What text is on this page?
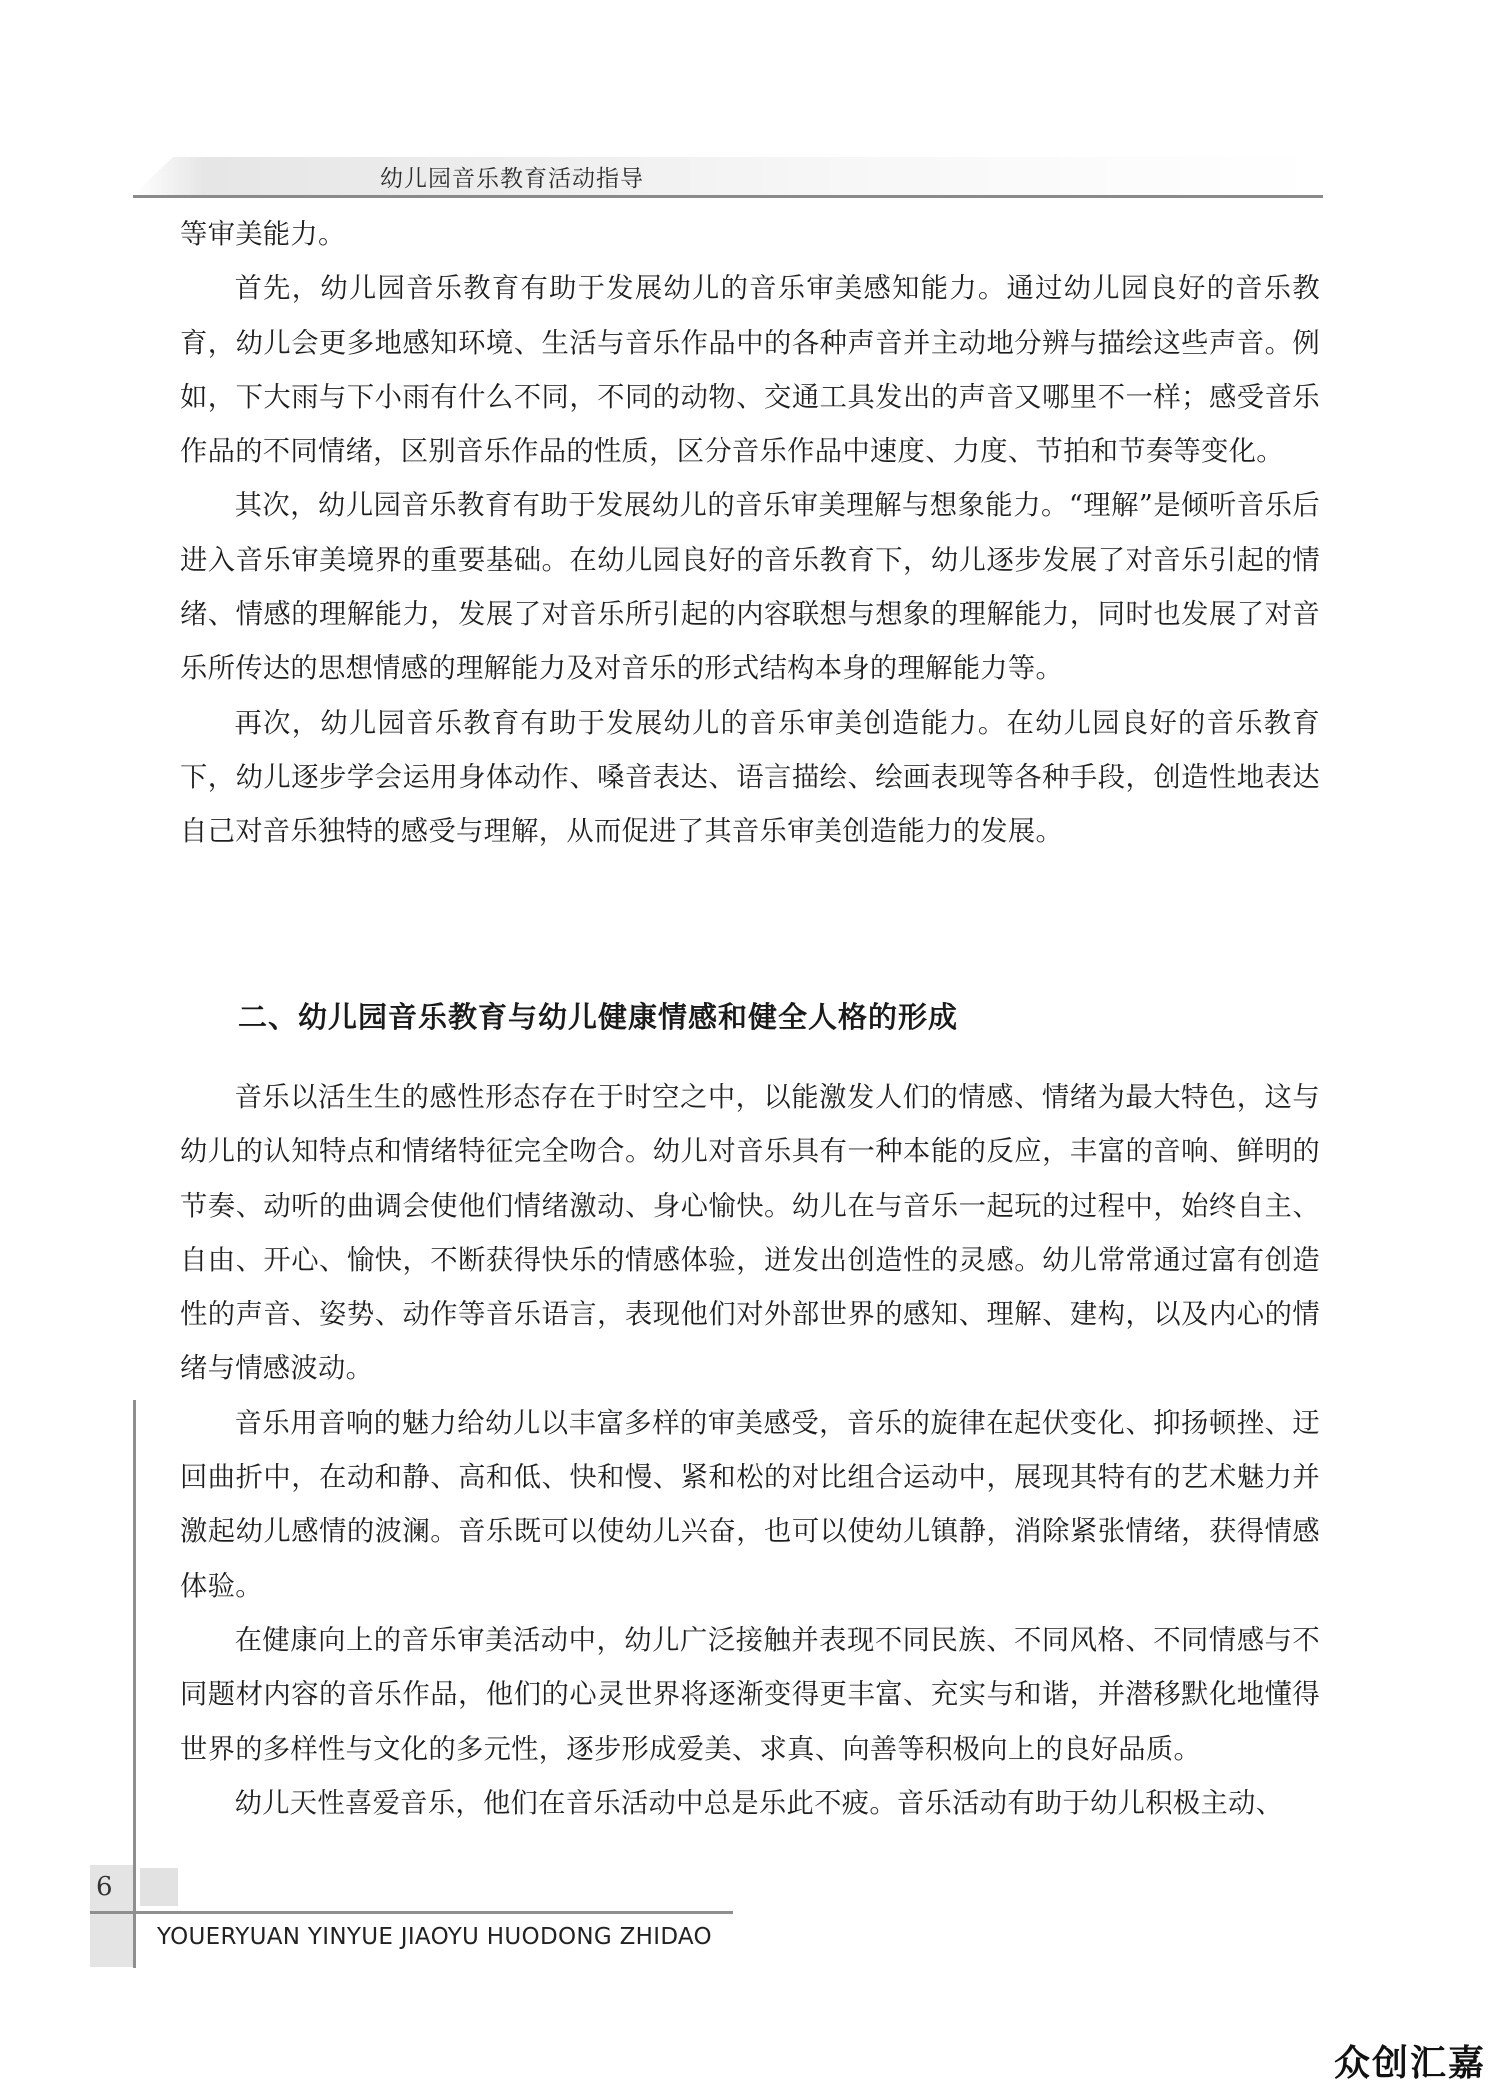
幼儿园音乐教育活动指导

等审美能力。

首先，幼儿园音乐教育有助于发展幼儿的音乐审美感知能力。通过幼儿园良好的音乐教育，幼儿会更多地感知环境、生活与音乐作品中的各种声音并主动地分辨与描绘这些声音。例如，下大雨与下小雨有什么不同，不同的动物、交通工具发出的声音又哪里不一样；感受音乐作品的不同情绪，区别音乐作品的性质，区分音乐作品中速度、力度、节拍和节奏等变化。

其次，幼儿园音乐教育有助于发展幼儿的音乐审美理解与想象能力。“理解”是倾听音乐后进入音乐审美境界的重要基础。在幼儿园良好的音乐教育下，幼儿逐步发展了对音乐引起的情绪、情感的理解能力，发展了对音乐所引起的内容联想与想象的理解能力，同时也发展了对音乐所传达的思想情感的理解能力及对音乐的形式结构本身的理解能力等。

再次，幼儿园音乐教育有助于发展幼儿的音乐审美创造能力。在幼儿园良好的音乐教育下，幼儿逐步学会运用身体动作、嗓音表达、语言描绘、绘画表现等各种手段，创造性地表达自己对音乐独特的感受与理解，从而促进了其音乐审美创造能力的发展。

二、幼儿园音乐教育与幼儿健康情感和健全人格的形成

音乐以活生生的感性形态存在于时空之中，以能激发人们的情感、情绪为最大特色，这与幼儿的认知特点和情绪特征完全吻合。幼儿对音乐具有一种本能的反应，丰富的音响、鲜明的节奏、动听的曲调会使他们情绪激动、身心愉快。幼儿在与音乐一起玩的过程中，始终自主、自由、开心、愉快，不断获得快乐的情感体验，迸发出创造性的灵感。幼儿常常通过富有创造性的声音、姿势、动作等音乐语言，表现他们对外部世界的感知、理解、建构，以及内心的情绪与情感波动。

音乐用音响的魅力给幼儿以丰富多样的审美感受，音乐的旋律在起伏变化、抑扬顿挫、迂回曲折中，在动和静、高和低、快和慢、紧和松的对比组合运动中，展现其特有的艺术魅力并激起幼儿感情的波澜。音乐既可以使幼儿兴奋，也可以使幼儿镇静，消除紧张情绪，获得情感体验。

在健康向上的音乐审美活动中，幼儿广泛接触并表现不同民族、不同风格、不同情感与不同题材内容的音乐作品，他们的心灵世界将逐渐变得更丰富、充实与和谐，并潜移默化地懂得世界的多样性与文化的多元性，逐步形成爱美、求真、向善等积极向上的良好品质。

幼儿天性喜爱音乐，他们在音乐活动中总是乐此不疲。音乐活动有助于幼儿积极主动、

6
YOUERYUAN YINYUE JIAOYU HUODONG ZHIDAO
众创汇嘉
